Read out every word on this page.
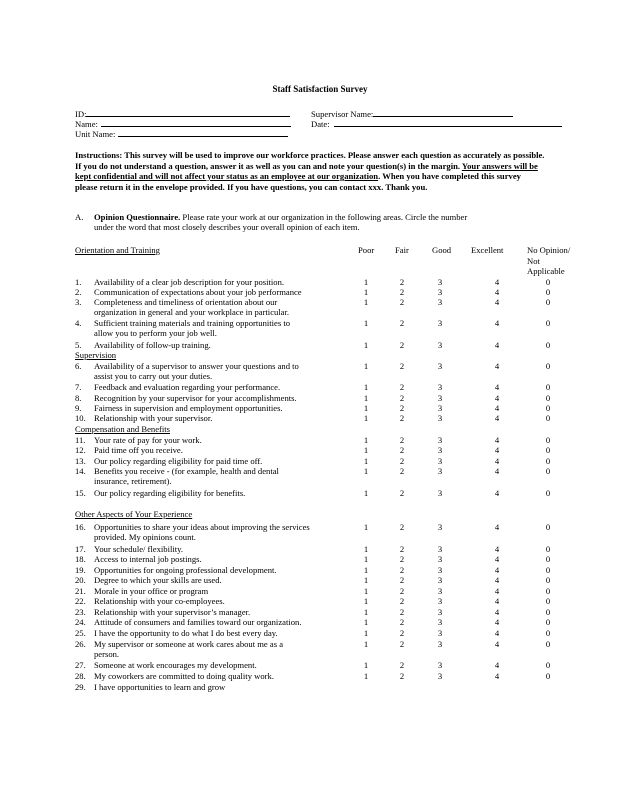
Staff Satisfaction Survey
ID:
Name:
Unit Name:
Supervisor Name:
Date:
Instructions: This survey will be used to improve our workforce practices. Please answer each question as accurately as possible. If you do not understand a question, answer it as well as you can and note your question(s) in the margin. Your answers will be kept confidential and will not affect your status as an employee at our organization. When you have completed this survey please return it in the envelope provided. If you have questions, you can contact xxx. Thank you.
A. Opinion Questionnaire. Please rate your work at our organization in the following areas. Circle the number
under the word that most closely describes your overall opinion of each item.
Orientation and Training	Poor Fair	Good Excellent	No Opinion/
Not
Applicable
Supervision
Compensation and Benefits
Other Aspects of Your Experience
1. Availability of a clear job description for your position.	1	2	3	4	0
2. Communication of expectations about your job performance	1	2	3	4	0
3. Completeness and timeliness of orientation about our
organization in general and your workplace in particular.
1	2	3	4	0
4. Sufficient training materials and training opportunities to
allow you to perform your job well.
1	2	3	4	0
5. Availability of follow-up training.	1	2	3	4	0
6. Availability of a supervisor to answer your questions and to
assist you to carry out your duties.
1	2	3	4	0
7. Feedback and evaluation regarding your performance.	1	2	3	4	0
8. Recognition by your supervisor for your accomplishments.	1	2	3	4	0
9. Fairness in supervision and employment opportunities.	1	2	3	4	0
10. Relationship with your supervisor.	1	2	3	4	0
11. Your rate of pay for your work.	1	2	3	4	0
12. Paid time off you receive.	1	2	3	4	0
13. Our policy regarding eligibility for paid time off.	1	2	3	4	0
14. Benefits you receive - (for example, health and dental
insurance, retirement).
1	2	3	4	0
15. Our policy regarding eligibility for benefits.	1	2	3	4	0
16. Opportunities to share your ideas about improving the services
provided. My opinions count.
1	2	3	4	0
17. Your schedule/ flexibility.	1	2	3	4	0
18. Access to internal job postings.	1	2	3	4	0
19. Opportunities for ongoing professional development.	1	2	3	4	0
20. Degree to which your skills are used.	1	2	3	4	0
21. Morale in your office or program	1	2	3	4	0
22. Relationship with your co-employees.	1	2	3	4	0
23. Relationship with your supervisor’s manager.	1	2	3	4	0
24. Attitude of consumers and families toward our organization.	1	2	3	4	0
25. I have the opportunity to do what I do best every day.	1	2	3	4	0
26. My supervisor or someone at work cares about me as a
person.
1	2	3	4	0
27. Someone at work encourages my development.	1	2	3	4	0
28. My coworkers are committed to doing quality work.	1	2	3	4	0
29. I have opportunities to learn and grow
